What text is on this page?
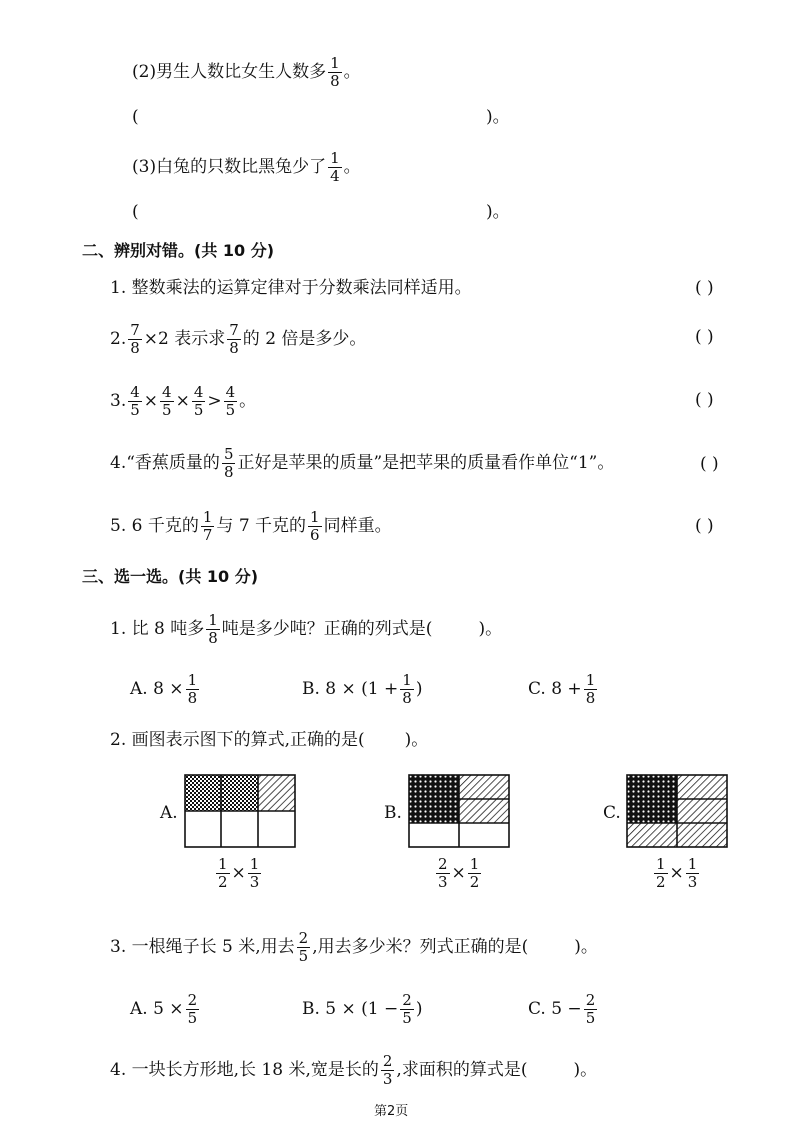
(2)男生人数比女生人数多 $\frac{1}{8}$ 。
(	)。
(3)白兔的只数比黑兔少了 $\frac{1}{4}$ 。
(	)。
二、辨别对错。(共 10 分)
1. 整数乘法的运算定律对于分数乘法同样适用。	( )
2. $\frac{7}{8} \times 2$ 表示求 $\frac{7}{8}$ 的 2 倍是多少。	( )
3. $\frac{4}{5} \times \frac{4}{5} \times \frac{4}{5} > \frac{4}{5}$ 。	( )
4.“香蕉质量的 $\frac{5}{8}$ 正好是苹果的质量”是把苹果的质量看作单位“1”。	( )
5. 6 千克的 $\frac{1}{7}$ 与 7 千克的 $\frac{1}{6}$ 同样重。	( )
三、选一选。(共 10 分)
1. 比 8 吨多 $\frac{1}{8}$ 吨是多少吨？正确的列式是(	)。
A. $8 \times \frac{1}{8}$	B. $8 \times (1 + \frac{1}{8}$ )	C. $8 + \frac{1}{8}$
2. 画图表示图下的算式,正确的是( )。
A.
$\frac{1}{2} \times \frac{1}{3}$
B.
$\frac{2}{3} \times \frac{1}{2}$
C.
$\frac{1}{2} \times \frac{1}{3}$
3. 一根绳子长 5 米,用去 $\frac{2}{5}$ ,用去多少米？列式正确的是(	)。
A. $5 \times \frac{2}{5}$	B. $5 \times (1 - \frac{2}{5}$ )	C. $5 - \frac{2}{5}$
4. 一块长方形地,长 18 米,宽是长的 $\frac{2}{3}$ ,求面积的算式是(	)。
第2页
